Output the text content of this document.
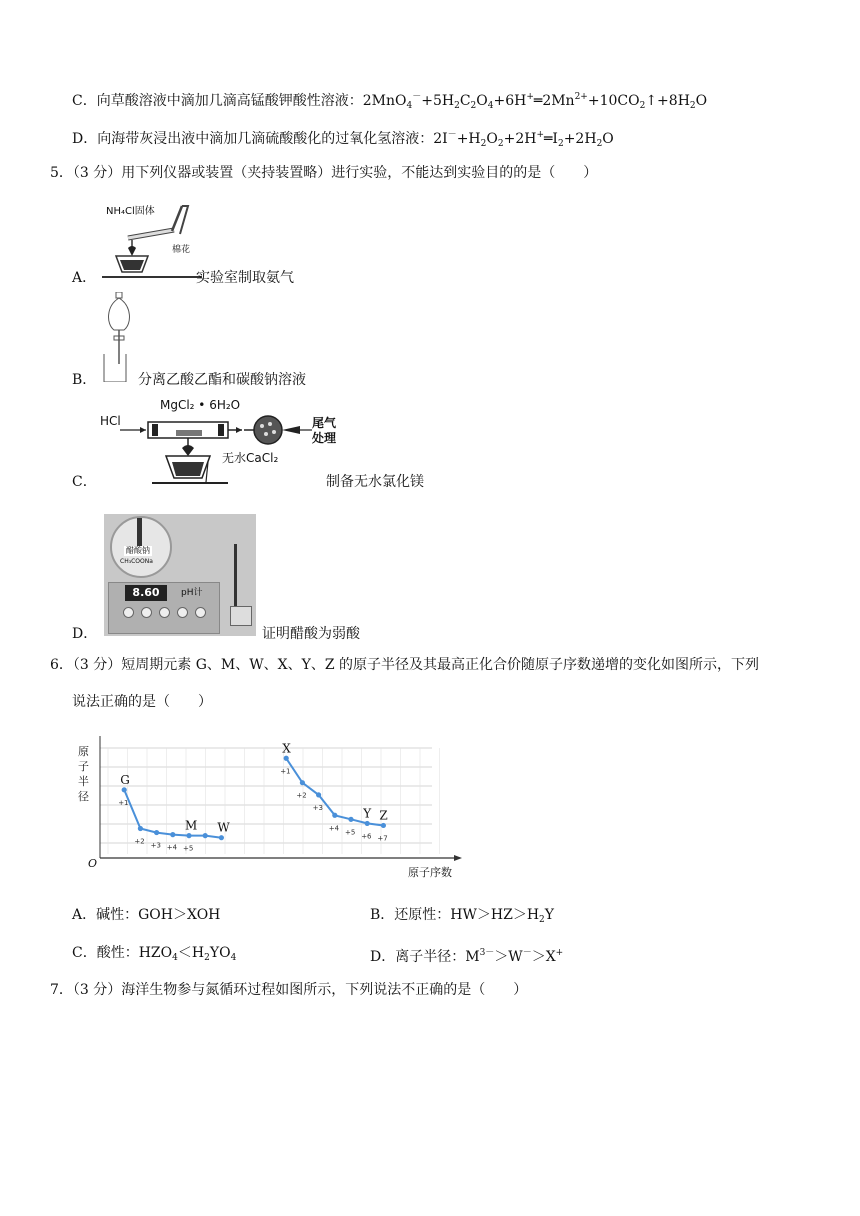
C．向草酸溶液中滴加几滴高锰酸钾酸性溶液：$2MnO_4^-+5H_2C_2O_4+6H^+═2Mn^{2+}+10CO_2↑+8H_2O$
D．向海带灰浸出液中滴加几滴硫酸酸化的过氧化氢溶液：$2I^-+H_2O_2+2H^+═I_2+2H_2O$
5．（3 分）用下列仪器或装置（夹持装置略）进行实验，不能达到实验目的的是（　　）
NH₄Cl固体
棉花
A．	实验室制取氨气
B．	分离乙酸乙酯和碳酸钠溶液
HCl
MgCl₂ • 6H₂O
尾气
处理
无水CaCl₂
C．	制备无水氯化镁
醋酸钠
CH₃COONa
8.60	pH计
D．	证明醋酸为弱酸
6．（3 分）短周期元素 G、M、W、X、Y、Z 的原子半径及其最高正化合价随原子序数递增的变化如图所示，下列
说法正确的是（　　）
G
+1
+2
+3 +4
M
+5
W
X
+1
+2
+3
+4
+5
Y
+6
Z
+7
原子半径
原子序数
O
A．碱性：GOH＞XOH	B．还原性：$HW>HZ>H_2Y$
C．酸性：$HZO_4<H_2YO_4$	D．离子半径：$M^{3-}>W^->X^+$
7．（3 分）海洋生物参与氮循环过程如图所示，下列说法不正确的是（　　）
